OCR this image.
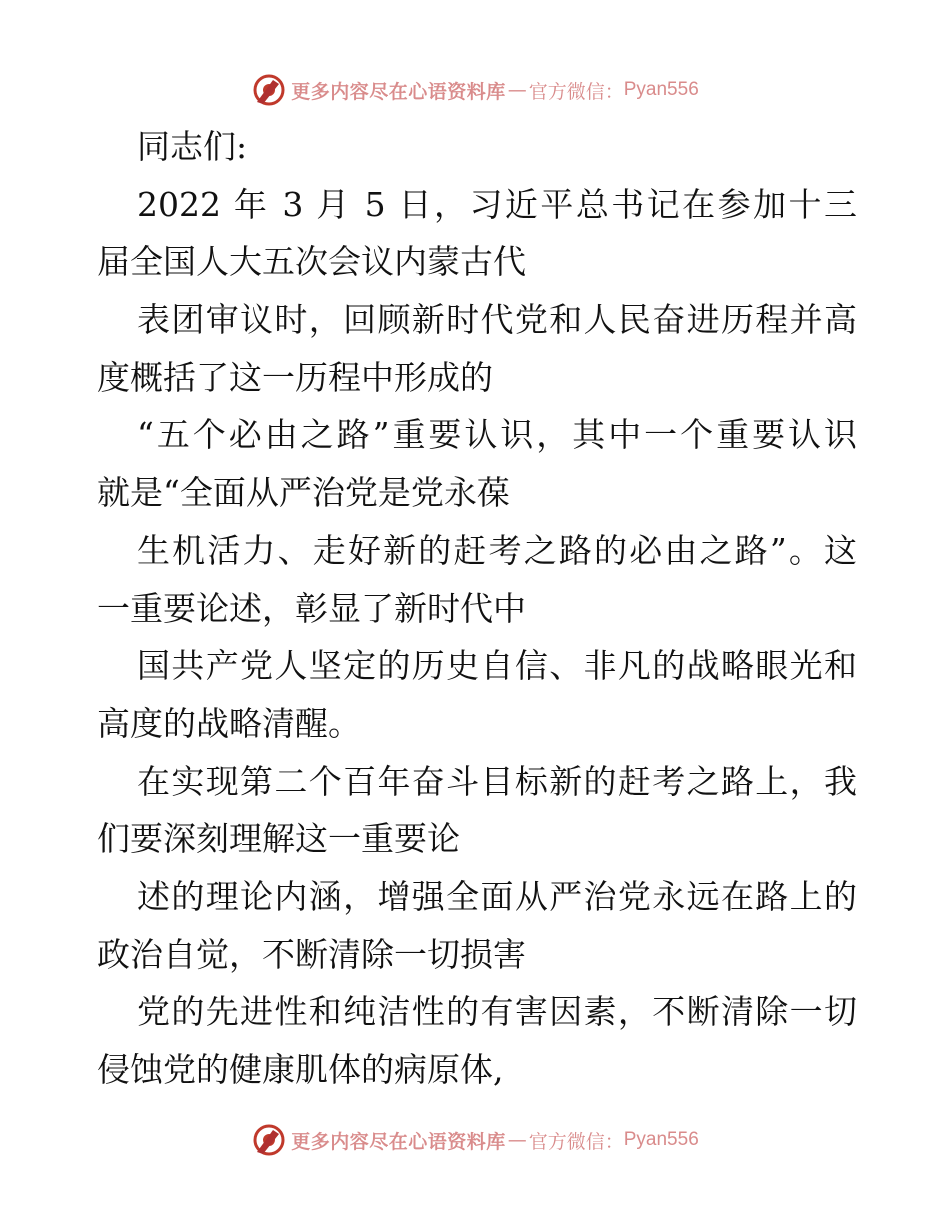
更多内容尽在心语资料库 — 官方微信： Pyan556
同志们:
2022 年 3 月 5 日，习近平总书记在参加十三
届全国人大五次会议内蒙古代
表团审议时，回顾新时代党和人民奋进历程并高
度概括了这一历程中形成的
“五个必由之路”重要认识，其中一个重要认识
就是“全面从严治党是党永葆
生机活力、走好新的赶考之路的必由之路”。这
一重要论述，彰显了新时代中
国共产党人坚定的历史自信、非凡的战略眼光和
高度的战略清醒。
在实现第二个百年奋斗目标新的赶考之路上，我
们要深刻理解这一重要论
述的理论内涵，增强全面从严治党永远在路上的
政治自觉，不断清除一切损害
党的先进性和纯洁性的有害因素，不断清除一切
侵蚀党的健康肌体的病原体,
更多内容尽在心语资料库 — 官方微信： Pyan556
